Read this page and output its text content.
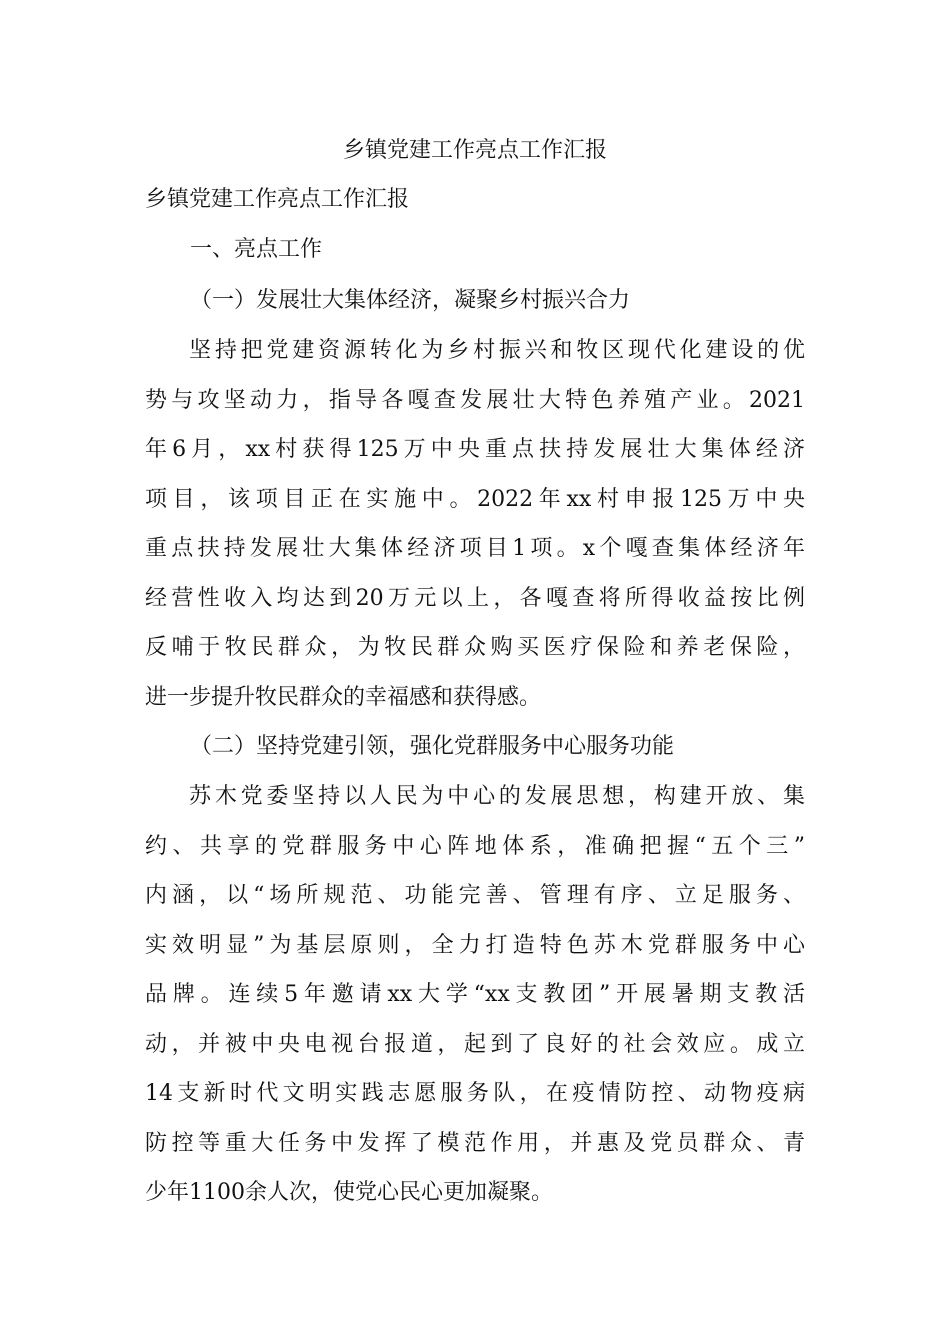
乡镇党建工作亮点工作汇报
乡镇党建工作亮点工作汇报
一、亮点工作
（一）发展壮大集体经济，凝聚乡村振兴合力
坚持把党建资源转化为乡村振兴和牧区现代化建设的优
势与攻坚动力，指导各嘎查发展壮大特色养殖产业。2021
年6月，xx村获得125万中央重点扶持发展壮大集体经济
项目，该项目正在实施中。2022年xx村申报125万中央
重点扶持发展壮大集体经济项目1项。x个嘎查集体经济年
经营性收入均达到20万元以上，各嘎查将所得收益按比例
反哺于牧民群众，为牧民群众购买医疗保险和养老保险，
进一步提升牧民群众的幸福感和获得感。
（二）坚持党建引领，强化党群服务中心服务功能
苏木党委坚持以人民为中心的发展思想，构建开放、集
约、共享的党群服务中心阵地体系，准确把握“五个三”
内涵，以“场所规范、功能完善、管理有序、立足服务、
实效明显”为基层原则，全力打造特色苏木党群服务中心
品牌。连续5年邀请xx大学“xx支教团”开展暑期支教活
动，并被中央电视台报道，起到了良好的社会效应。成立
14支新时代文明实践志愿服务队，在疫情防控、动物疫病
防控等重大任务中发挥了模范作用，并惠及党员群众、青
少年1100余人次，使党心民心更加凝聚。
